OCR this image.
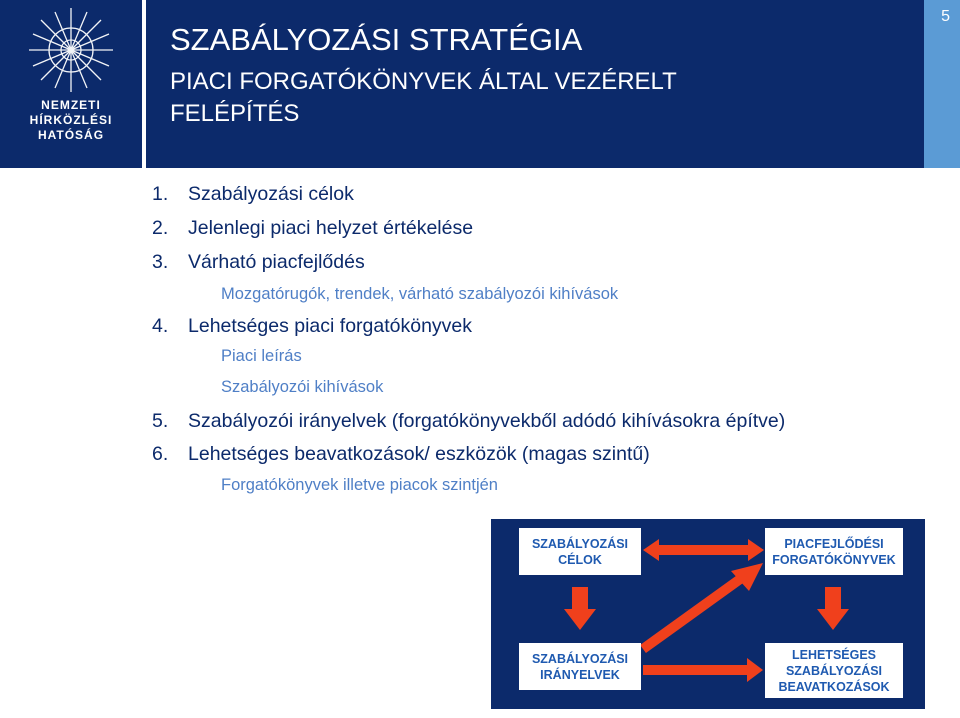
NEMZETI
HÍRKÖZLÉSI
HATÓSÁG
5
SZABÁLYOZÁSI STRATÉGIA
PIACI FORGATÓKÖNYVEK ÁLTAL VEZÉRELT FELÉPÍTÉS
1. Szabályozási célok
2. Jelenlegi piaci helyzet értékelése
3. Várható piacfejlődés
Mozgatórugók, trendek, várható szabályozói kihívások
4. Lehetséges piaci forgatókönyvek
Piaci leírás
Szabályozói kihívások
5. Szabályozói irányelvek (forgatókönyvekből adódó kihívásokra építve)
6. Lehetséges beavatkozások/ eszközök (magas szintű)
Forgatókönyvek illetve piacok szintjén
SZABÁLYOZÁSI
CÉLOK
PIACFEJLŐDÉSI
FORGATÓKÖNYVEK
SZABÁLYOZÁSI
IRÁNYELVEK
LEHETSÉGES
SZABÁLYOZÁSI
BEAVATKOZÁSOK
